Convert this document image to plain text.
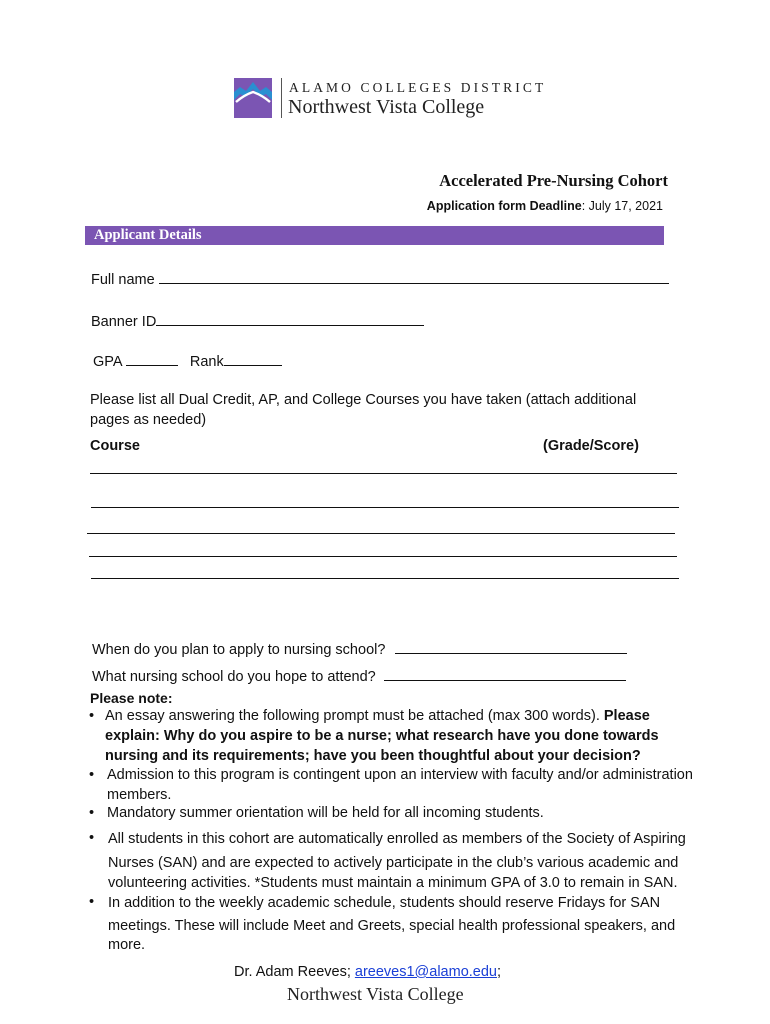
ALAMO COLLEGES DISTRICT
Northwest Vista College
Accelerated Pre-Nursing Cohort
Application form Deadline: July 17, 2021
Applicant Details
Full name
Banner ID
GPA	Rank
Please list all Dual Credit, AP, and College Courses you have taken (attach additional
pages as needed)
Course	(Grade/Score)
When do you plan to apply to nursing school?
What nursing school do you hope to attend?
Please note:
• An essay answering the following prompt must be attached (max 300 words). Please
explain: Why do you aspire to be a nurse; what research have you done towards
nursing and its requirements; have you been thoughtful about your decision?
• Admission to this program is contingent upon an interview with faculty and/or administration
members.
• Mandatory summer orientation will be held for all incoming students.
• All students in this cohort are automatically enrolled as members of the Society of Aspiring
Nurses (SAN) and are expected to actively participate in the club’s various academic and
volunteering activities. *Students must maintain a minimum GPA of 3.0 to remain in SAN.
• In addition to the weekly academic schedule, students should reserve Fridays for SAN
meetings. These will include Meet and Greets, special health professional speakers, and
more.
Dr. Adam Reeves; areeves1@alamo.edu;
Northwest Vista College
